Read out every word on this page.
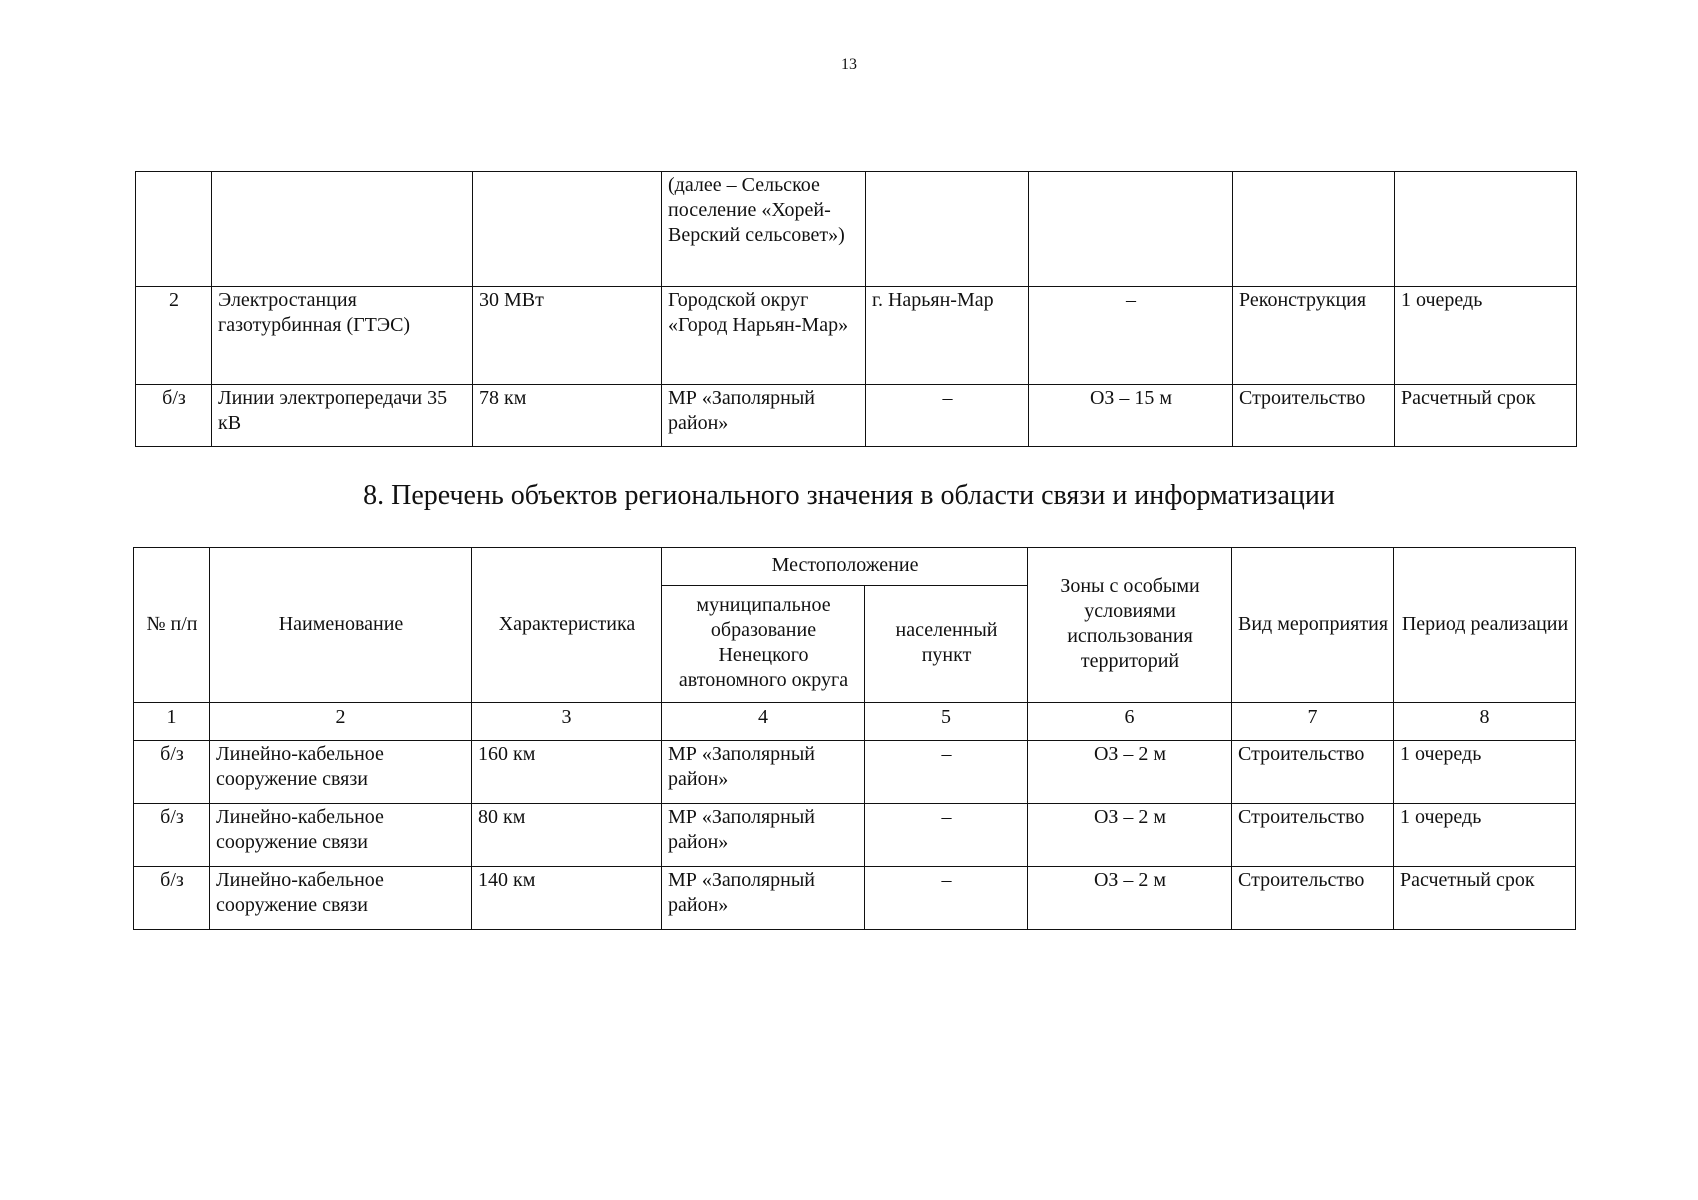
13
			(далее – Сельское поселение «Хорей-Верский сельсовет»)				
2	Электростанция газотурбинная (ГТЭС)	30 МВт	Городской округ «Город Нарьян-Мар»	г. Нарьян-Мар	–	Реконструкция	1 очередь
б/з	Линии электропередачи 35 кВ	78 км	МР «Заполярный район»	–	ОЗ – 15 м	Строительство	Расчетный срок
8. Перечень объектов регионального значения в области связи и информатизации
№ п/п	Наименование	Характеристика	Местоположение		Зоны с особыми условиями использования территорий	Вид мероприятия	Период реализации
			муниципальное образование Ненецкого автономного округа	населенный пункт			
1	2	3	4	5	6	7	8
б/з	Линейно-кабельное сооружение связи	160 км	МР «Заполярный район»	–	ОЗ – 2 м	Строительство	1 очередь
б/з	Линейно-кабельное сооружение связи	80 км	МР «Заполярный район»	–	ОЗ – 2 м	Строительство	1 очередь
б/з	Линейно-кабельное сооружение связи	140 км	МР «Заполярный район»	–	ОЗ – 2 м	Строительство	Расчетный срок
